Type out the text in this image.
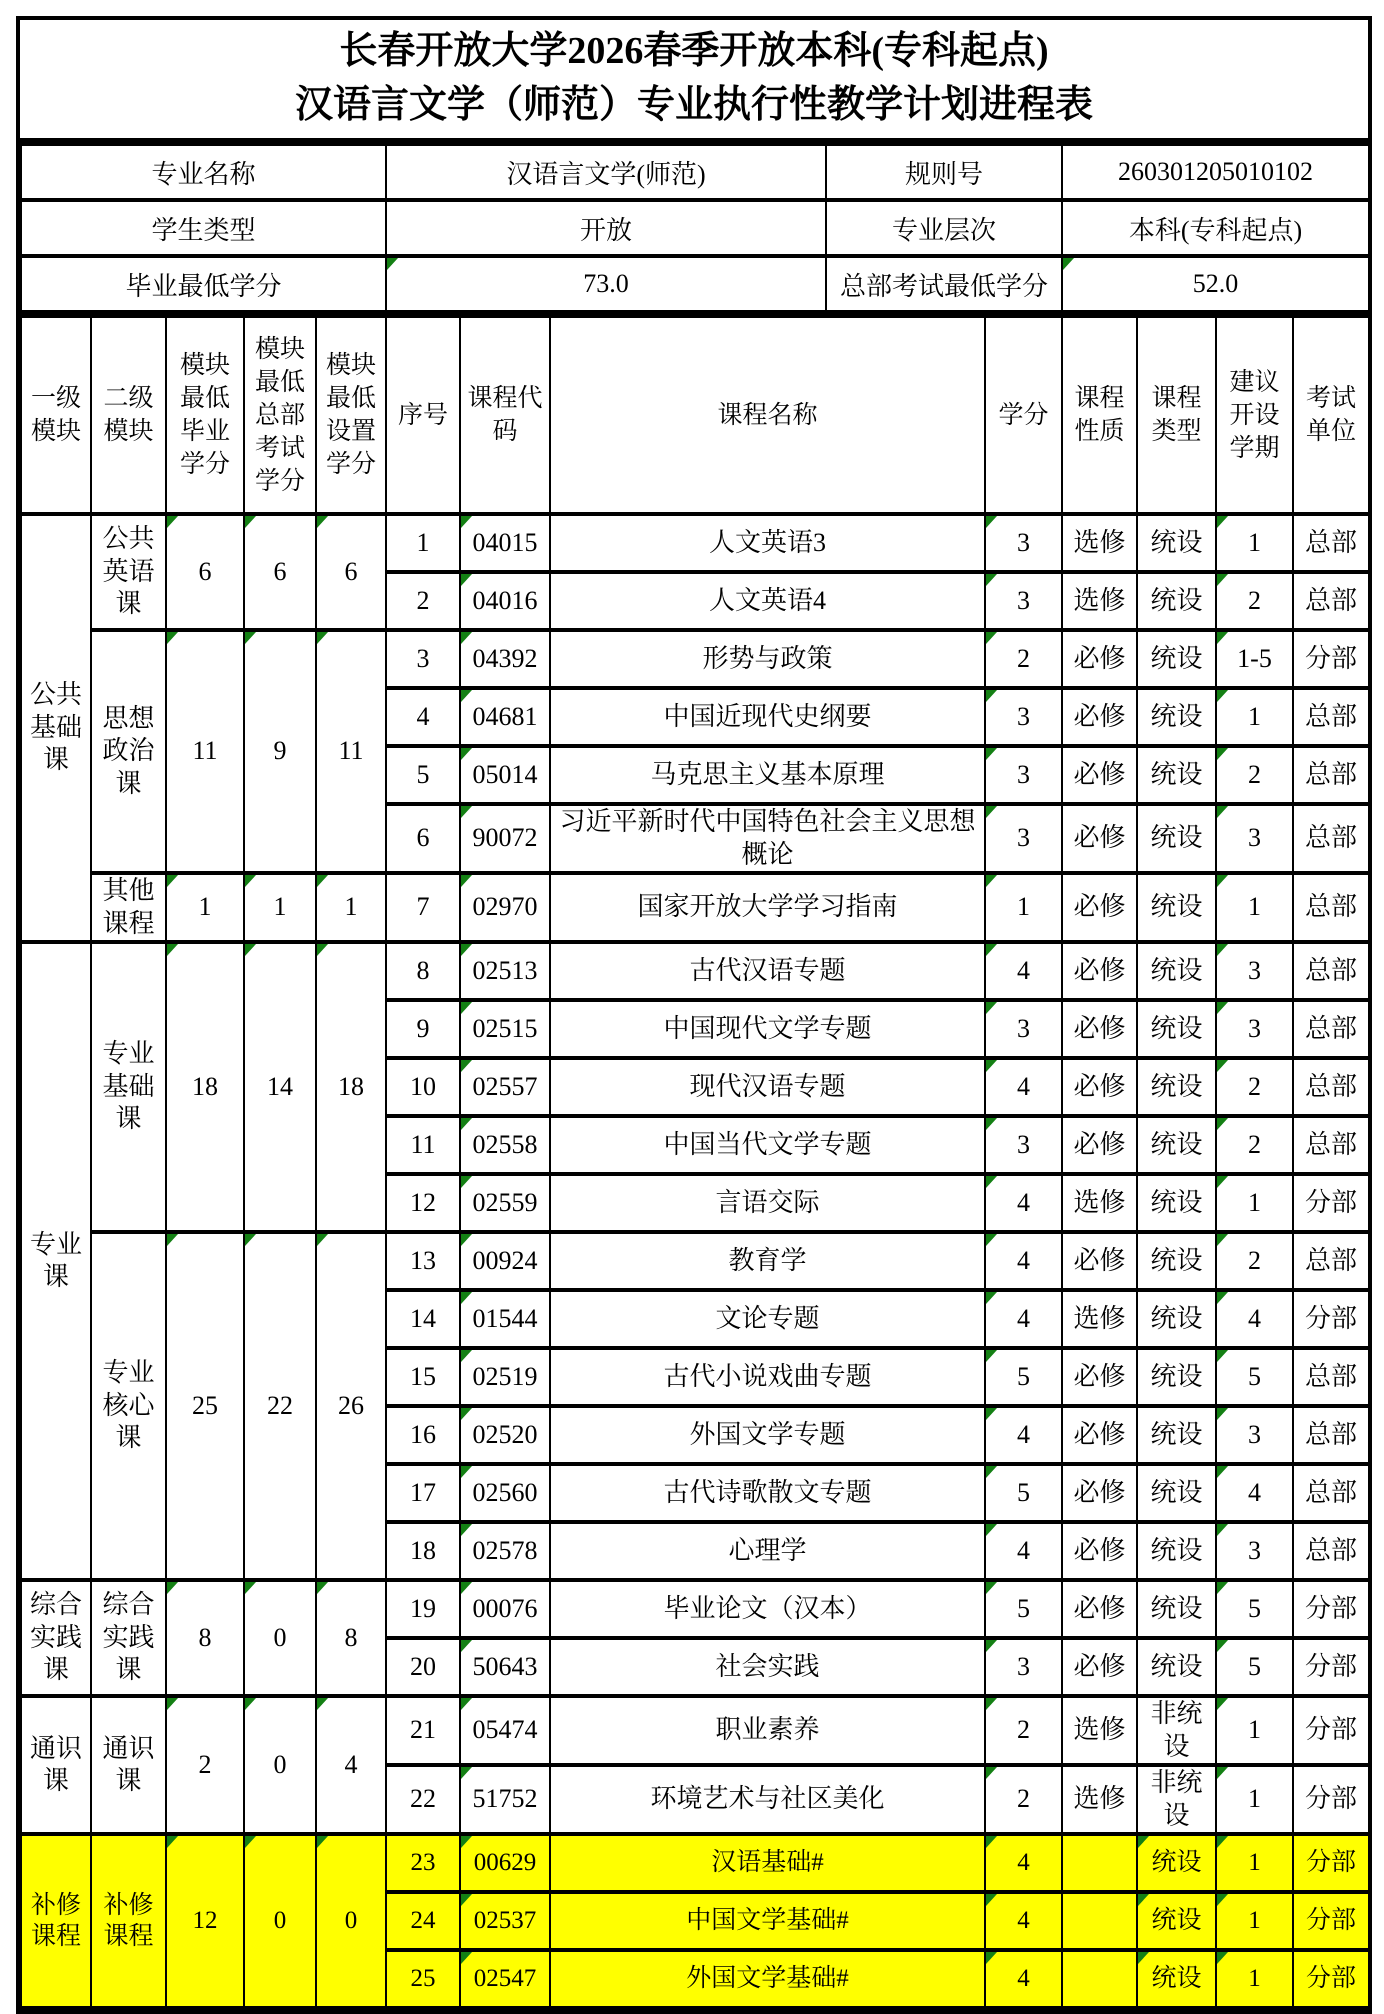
长春开放大学2026春季开放本科(专科起点)
汉语言文学（师范）专业执行性教学计划进程表
专业名称	汉语言文学(师范)	规则号	260301205010102
学生类型	开放	专业层次	本科(专科起点)
毕业最低学分	73.0	总部考试最低学分	52.0
一级模块	二级模块	模块最低毕业学分	模块最低总部考试学分	模块最低设置学分	序号	课程代码	课程名称	学分	课程性质	课程类型	建议开设学期	考试单位
公共基础课	公共英语课	6	6	6	1	04015	人文英语3	3	选修	统设	1	总部
					2	04016	人文英语4	3	选修	统设	2	总部
	思想政治课	11	9	11	3	04392	形势与政策	2	必修	统设	1-5	分部
					4	04681	中国近现代史纲要	3	必修	统设	1	总部
					5	05014	马克思主义基本原理	3	必修	统设	2	总部
					6	90072	习近平新时代中国特色社会主义思想概论	3	必修	统设	3	总部
	其他课程	1	1	1	7	02970	国家开放大学学习指南	1	必修	统设	1	总部
专业课	专业基础课	18	14	18	8	02513	古代汉语专题	4	必修	统设	3	总部
					9	02515	中国现代文学专题	3	必修	统设	3	总部
					10	02557	现代汉语专题	4	必修	统设	2	总部
					11	02558	中国当代文学专题	3	必修	统设	2	总部
					12	02559	言语交际	4	选修	统设	1	分部
	专业核心课	25	22	26	13	00924	教育学	4	必修	统设	2	总部
					14	01544	文论专题	4	选修	统设	4	分部
					15	02519	古代小说戏曲专题	5	必修	统设	5	总部
					16	02520	外国文学专题	4	必修	统设	3	总部
					17	02560	古代诗歌散文专题	5	必修	统设	4	总部
					18	02578	心理学	4	必修	统设	3	总部
综合实践课	综合实践课	8	0	8	19	00076	毕业论文（汉本）	5	必修	统设	5	分部
					20	50643	社会实践	3	必修	统设	5	分部
通识课	通识课	2	0	4	21	05474	职业素养	2	选修	非统设	1	分部
					22	51752	环境艺术与社区美化	2	选修	非统设	1	分部
补修课程	补修课程	12	0	0	23	00629	汉语基础#	4		统设	1	分部
					24	02537	中国文学基础#	4		统设	1	分部
					25	02547	外国文学基础#	4		统设	1	分部
